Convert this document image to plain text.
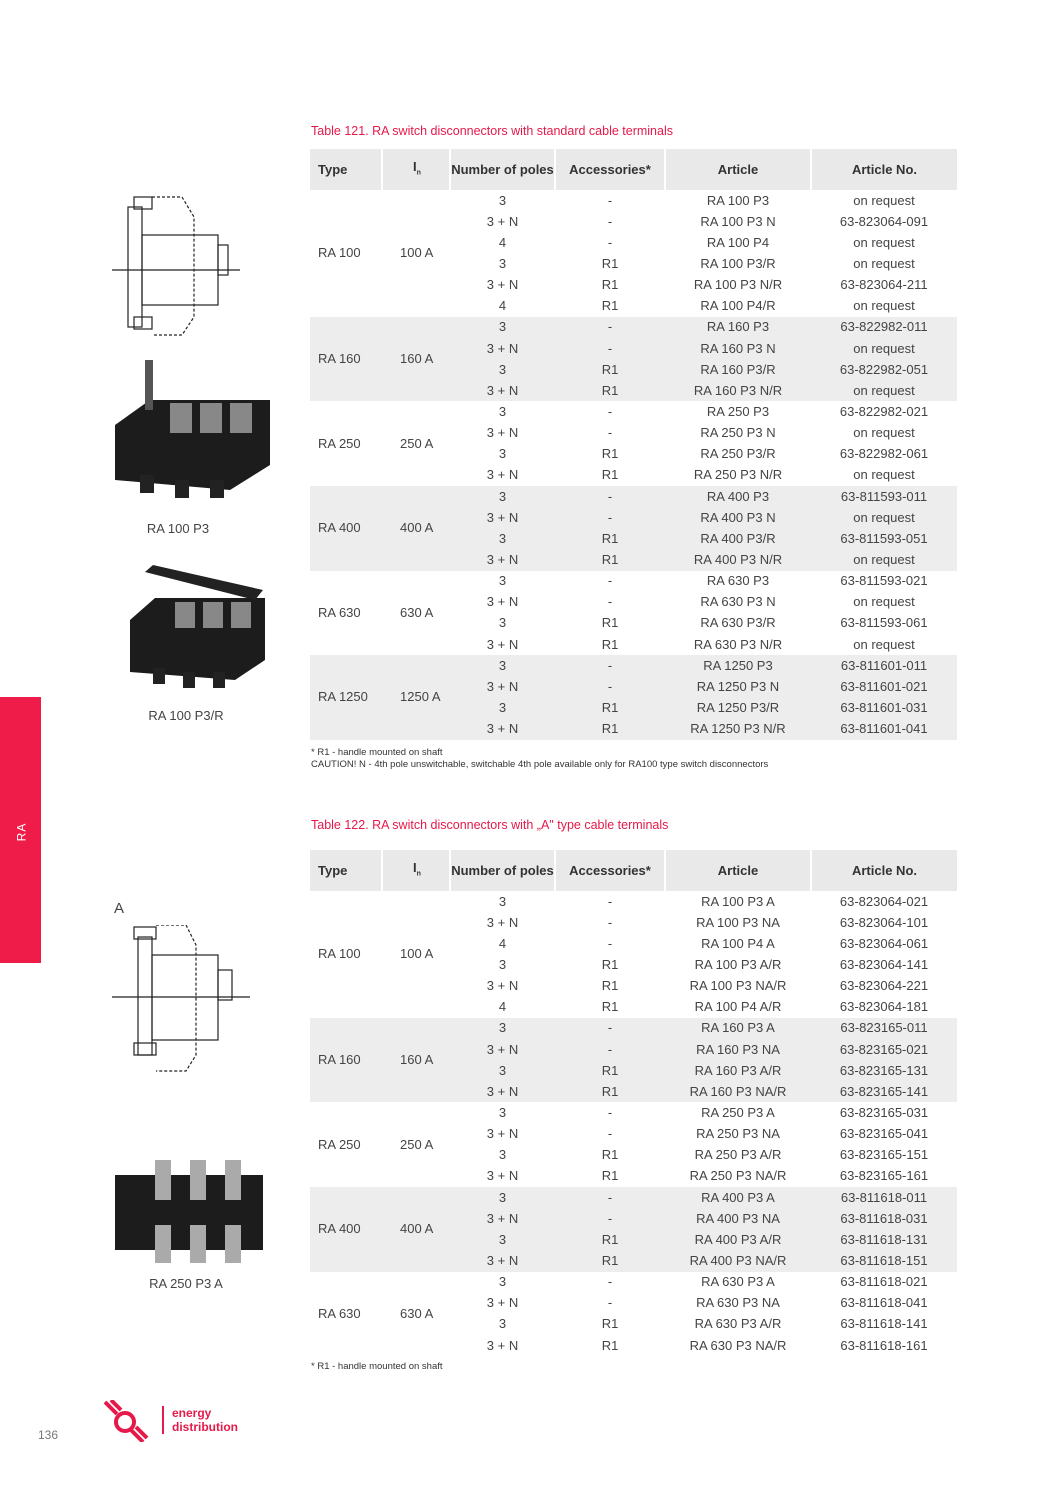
Table 121. RA switch disconnectors with standard cable terminals
Type	$I_n$	Number of poles	Accessories*	Article	Article No.
RA 100	100 A	3	-	RA 100 P3	on request
		3 + N	-	RA 100 P3 N	63-823064-091
		4	-	RA 100 P4	on request
		3	R1	RA 100 P3/R	on request
		3 + N	R1	RA 100 P3 N/R	63-823064-211
		4	R1	RA 100 P4/R	on request
RA 160	160 A	3	-	RA 160 P3	63-822982-011
		3 + N	-	RA 160 P3 N	on request
		3	R1	RA 160 P3/R	63-822982-051
		3 + N	R1	RA 160 P3 N/R	on request
RA 250	250 A	3	-	RA 250 P3	63-822982-021
		3 + N	-	RA 250 P3 N	on request
		3	R1	RA 250 P3/R	63-822982-061
		3 + N	R1	RA 250 P3 N/R	on request
RA 400	400 A	3	-	RA 400 P3	63-811593-011
		3 + N	-	RA 400 P3 N	on request
		3	R1	RA 400 P3/R	63-811593-051
		3 + N	R1	RA 400 P3 N/R	on request
RA 630	630 A	3	-	RA 630 P3	63-811593-021
		3 + N	-	RA 630 P3 N	on request
		3	R1	RA 630 P3/R	63-811593-061
		3 + N	R1	RA 630 P3 N/R	on request
RA 1250	1250 A	3	-	RA 1250 P3	63-811601-011
		3 + N	-	RA 1250 P3 N	63-811601-021
		3	R1	RA 1250 P3/R	63-811601-031
		3 + N	R1	RA 1250 P3 N/R	63-811601-041
* R1 - handle mounted on shaft
CAUTION! N - 4th pole unswitchable, switchable 4th pole available only for RA100 type switch disconnectors
Table 122. RA switch disconnectors with „A" type cable terminals
Type	$I_n$	Number of poles	Accessories*	Article	Article No.
RA 100	100 A	3	-	RA 100 P3 A	63-823064-021
		3 + N	-	RA 100 P3 NA	63-823064-101
		4	-	RA 100 P4 A	63-823064-061
		3	R1	RA 100 P3 A/R	63-823064-141
		3 + N	R1	RA 100 P3 NA/R	63-823064-221
		4	R1	RA 100 P4 A/R	63-823064-181
RA 160	160 A	3	-	RA 160 P3 A	63-823165-011
		3 + N	-	RA 160 P3 NA	63-823165-021
		3	R1	RA 160 P3 A/R	63-823165-131
		3 + N	R1	RA 160 P3 NA/R	63-823165-141
RA 250	250 A	3	-	RA 250 P3 A	63-823165-031
		3 + N	-	RA 250 P3 NA	63-823165-041
		3	R1	RA 250 P3 A/R	63-823165-151
		3 + N	R1	RA 250 P3 NA/R	63-823165-161
RA 400	400 A	3	-	RA 400 P3 A	63-811618-011
		3 + N	-	RA 400 P3 NA	63-811618-031
		3	R1	RA 400 P3 A/R	63-811618-131
		3 + N	R1	RA 400 P3 NA/R	63-811618-151
RA 630	630 A	3	-	RA 630 P3 A	63-811618-021
		3 + N	-	RA 630 P3 NA	63-811618-041
		3	R1	RA 630 P3 A/R	63-811618-141
		3 + N	R1	RA 630 P3 NA/R	63-811618-161
* R1 - handle mounted on shaft
RA
RA 100 P3
RA 100 P3/R
A
RA 250 P3 A
136
energy
distribution
